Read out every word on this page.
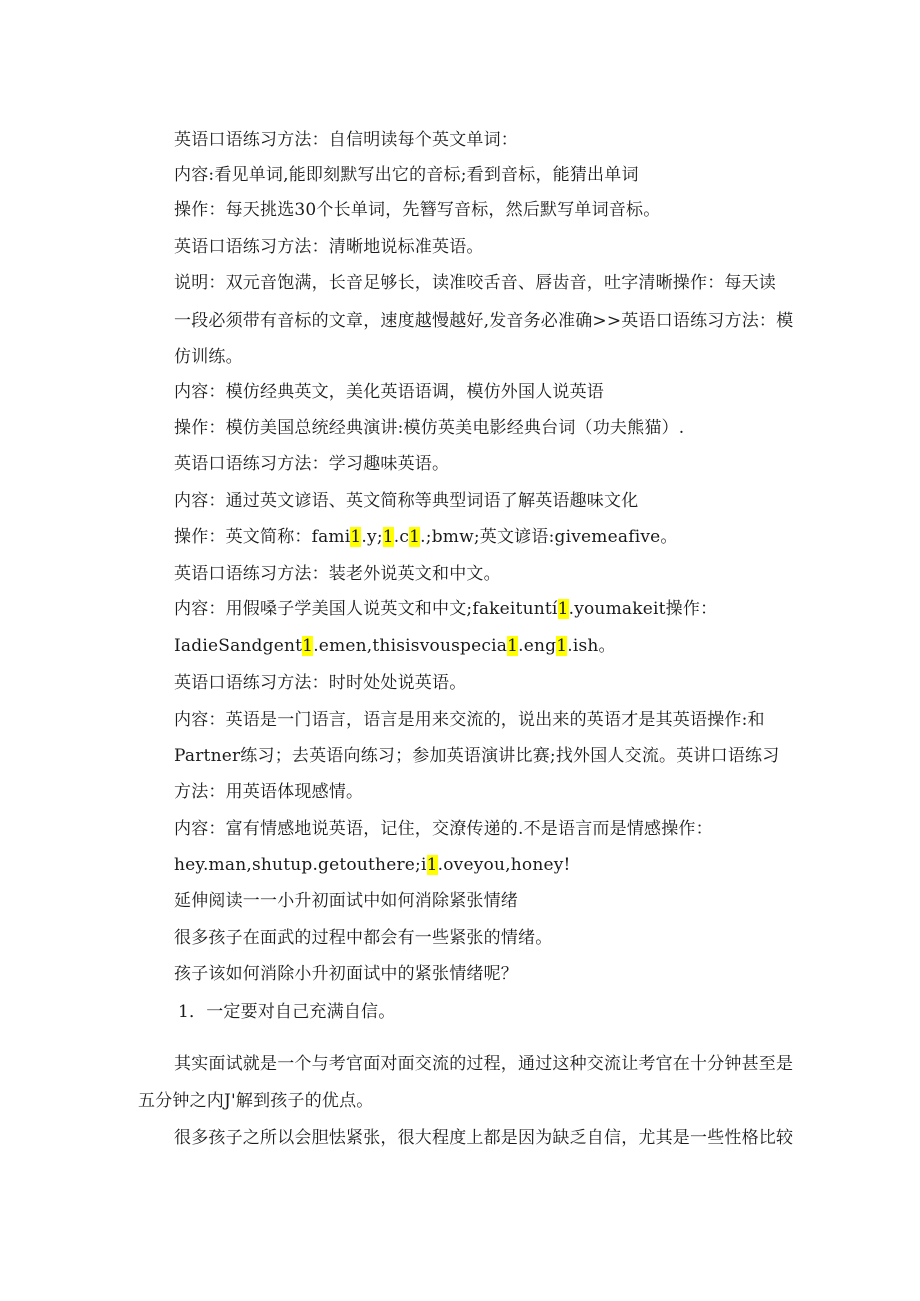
英语口语练习方法：自信明读每个英文单词：
内容:看见单词,能即刻默写出它的音标;看到音标，能猜出单词
操作：每天挑选30个长单词，先簪写音标，然后默写单词音标。
英语口语练习方法：清晰地说标准英语。
说明：双元音饱满，长音足够长，读准咬舌音、唇齿音，吐字清晰操作：每天读
一段必须带有音标的文章，速度越慢越好,发音务必准确>>英语口语练习方法：模
仿训练。
内容：模仿经典英文，美化英语语调，模仿外国人说英语
操作：模仿美国总统经典演讲:模仿英美电影经典台词（功夫熊猫）.
英语口语练习方法：学习趣味英语。
内容：通过英文谚语、英文简称等典型词语了解英语趣味文化
操作：英文简称：fami1.y;1.c1.;bmw;英文谚语:givemeafive。
英语口语练习方法：装老外说英文和中文。
内容：用假嗓子学美国人说英文和中文;fakeituntí1.youmakeit操作：
IadieSandgent1.emen,thisisvouspecia1.eng1.ish。
英语口语练习方法：时时处处说英语。
内容：英语是一门语言，语言是用来交流的，说出来的英语才是其英语操作:和
Partner练习；去英语向练习；参加英语演讲比赛;找外国人交流。英讲口语练习
方法：用英语体现感情。
内容：富有情感地说英语，记住，交潦传递的.不是语言而是情感操作：
hey.man,shutup.getouthere;i1.oveyou,honey!
延伸阅读一一小升初面试中如何消除紧张情绪
很多孩子在面武的过程中都会有一些紧张的情绪。
孩子该如何消除小升初面试中的紧张情绪呢？
1．一定要对自己充满自信。
其实面试就是一个与考官面对面交流的过程，通过这种交流让考官在十分钟甚至是
五分钟之内J'解到孩子的优点。
很多孩子之所以会胆怯紧张，很大程度上都是因为缺乏自信，尤其是一些性格比较
